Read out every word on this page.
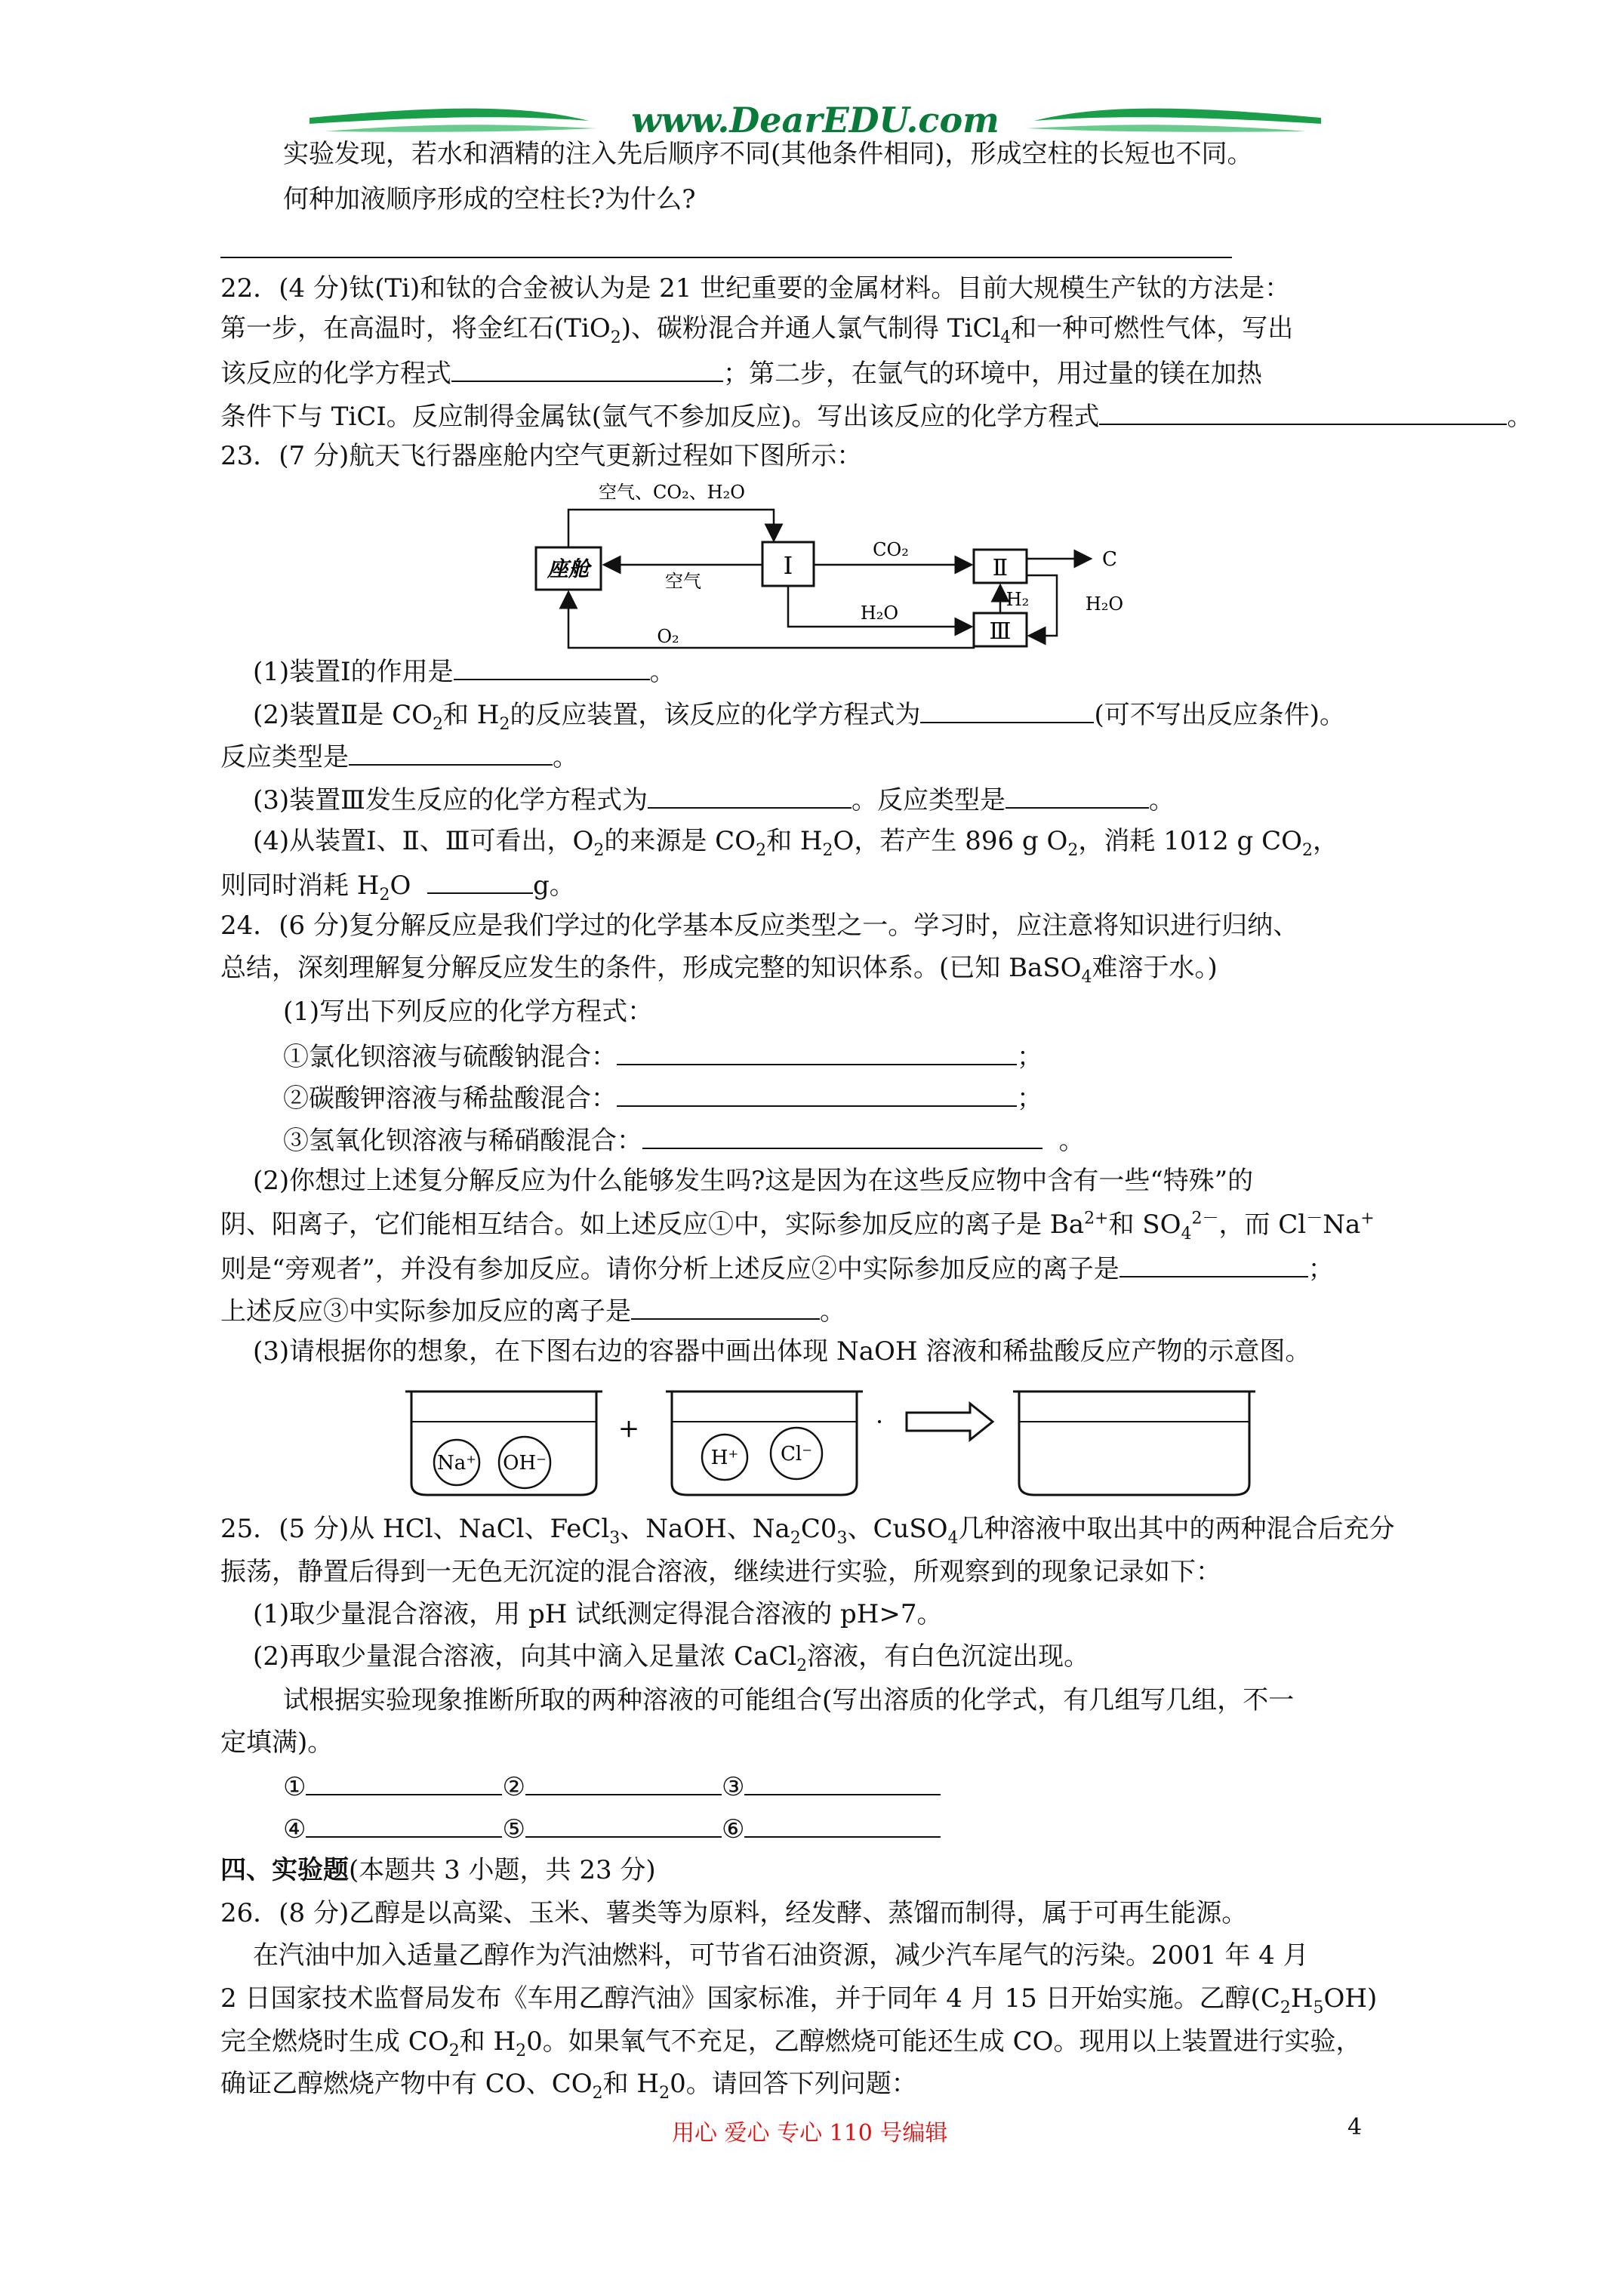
www.DearEDU.com
实验发现，若水和酒精的注入先后顺序不同(其他条件相同)，形成空柱的长短也不同。
何种加液顺序形成的空柱长?为什么?
22．(4 分)钛(Ti)和钛的合金被认为是 21 世纪重要的金属材料。目前大规模生产钛的方法是：
第一步，在高温时，将金红石(TiO$_2$)、碳粉混合并通人氯气制得 TiCl$_4$和一种可燃性气体，写出
该反应的化学方程式	；第二步，在氩气的环境中，用过量的镁在加热
条件下与 TiCI。反应制得金属钛(氩气不参加反应)。写出该反应的化学方程式	。
23．(7 分)航天飞行器座舱内空气更新过程如下图所示：
座舱	Ⅰ	Ⅱ
Ⅲ
空气、CO₂、H₂O
空气
CO₂
H₂O
O₂
H₂
C
H₂O
(1)装置Ⅰ的作用是	。
(2)装置Ⅱ是 $CO_2$和 $H_2$的反应装置，该反应的化学方程式为	(可不写出反应条件)。
反应类型是	。
(3)装置Ⅲ发生反应的化学方程式为	。反应类型是	。
(4)从装置Ⅰ、Ⅱ、Ⅲ可看出，$O_2$的来源是 $CO_2$和 $H_2O$，若产生 896 g $O_2$，消耗 1012 g $CO_2$，
则同时消耗 $H_2O$	g。
24．(6 分)复分解反应是我们学过的化学基本反应类型之一。学习时，应注意将知识进行归纳、
总结，深刻理解复分解反应发生的条件，形成完整的知识体系。(已知 BaSO$_4$难溶于水。)
(1)写出下列反应的化学方程式：
①氯化钡溶液与硫酸钠混合：	；
②碳酸钾溶液与稀盐酸混合：	；
③氢氧化钡溶液与稀硝酸混合：	。
(2)你想过上述复分解反应为什么能够发生吗?这是因为在这些反应物中含有一些“特殊”的
阴、阳离子，它们能相互结合。如上述反应①中，实际参加反应的离子是 $Ba^{2+}$和 $SO_4^{2-}$，而 Cl－Na+
则是“旁观者”，并没有参加反应。请你分析上述反应②中实际参加反应的离子是	；
上述反应③中实际参加反应的离子是	。
(3)请根据你的想象，在下图右边的容器中画出体现 NaOH 溶液和稀盐酸反应产物的示意图。
Na⁺ OH⁻
+
H⁺ Cl⁻
25．(5 分)从 HCl、NaCl、FeCl$_3$、NaOH、$Na_2C0_3$、CuSO$_4$几种溶液中取出其中的两种混合后充分
振荡，静置后得到一无色无沉淀的混合溶液，继续进行实验，所观察到的现象记录如下：
(1)取少量混合溶液，用 pH 试纸测定得混合溶液的 pH>7。
(2)再取少量混合溶液，向其中滴入足量浓 CaCl$_2$溶液，有白色沉淀出现。
试根据实验现象推断所取的两种溶液的可能组合(写出溶质的化学式，有几组写几组，不一
定填满)。
①	②	③
④	⑤	⑥
四、实验题(本题共 3 小题，共 23 分)
26．(8 分)乙醇是以高粱、玉米、薯类等为原料，经发酵、蒸馏而制得，属于可再生能源。
在汽油中加入适量乙醇作为汽油燃料，可节省石油资源，减少汽车尾气的污染。2001 年 4 月
2 日国家技术监督局发布《车用乙醇汽油》国家标准，并于同年 4 月 15 日开始实施。乙醇$(C_2H_5OH)$
完全燃烧时生成 $CO_2$和 $H_20$。如果氧气不充足，乙醇燃烧可能还生成 CO。现用以上装置进行实验，
确证乙醇燃烧产物中有 CO、$CO_2$和 $H_20$。请回答下列问题：
用心 爱心 专心 110 号编辑	4
